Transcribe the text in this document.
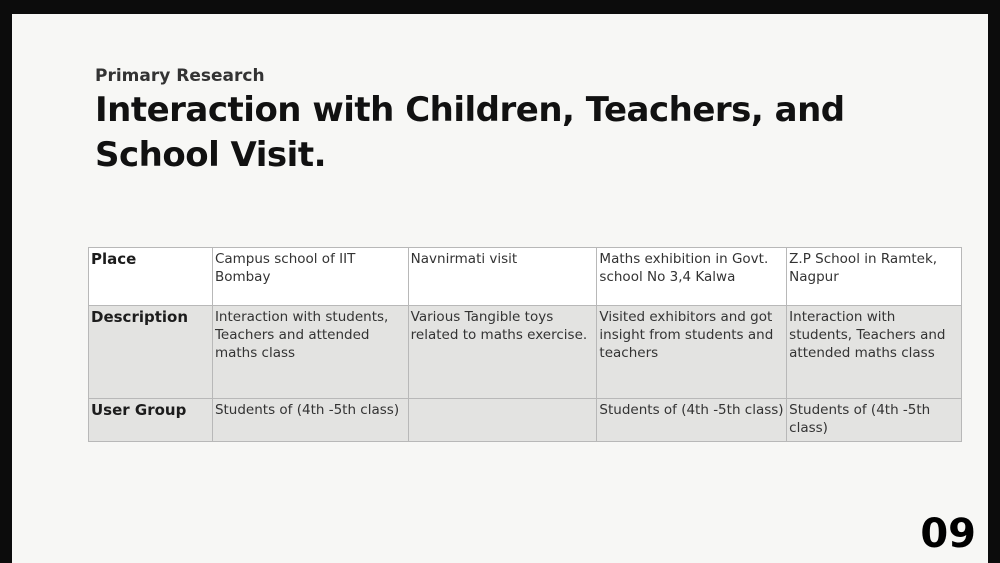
Primary Research
Interaction with Children, Teachers, and
School Visit.
Place	Campus school of IIT Bombay	Navnirmati visit	Maths exhibition in Govt. school No 3,4 Kalwa	Z.P School in Ramtek, Nagpur
Description	Interaction with students, Teachers and attended maths class	Various Tangible toys related to maths exercise.	Visited exhibitors and got insight from students and teachers	Interaction with students, Teachers and attended maths class
User Group	Students of (4th -5th class)		Students of (4th -5th class)	Students of (4th -5th class)
09
